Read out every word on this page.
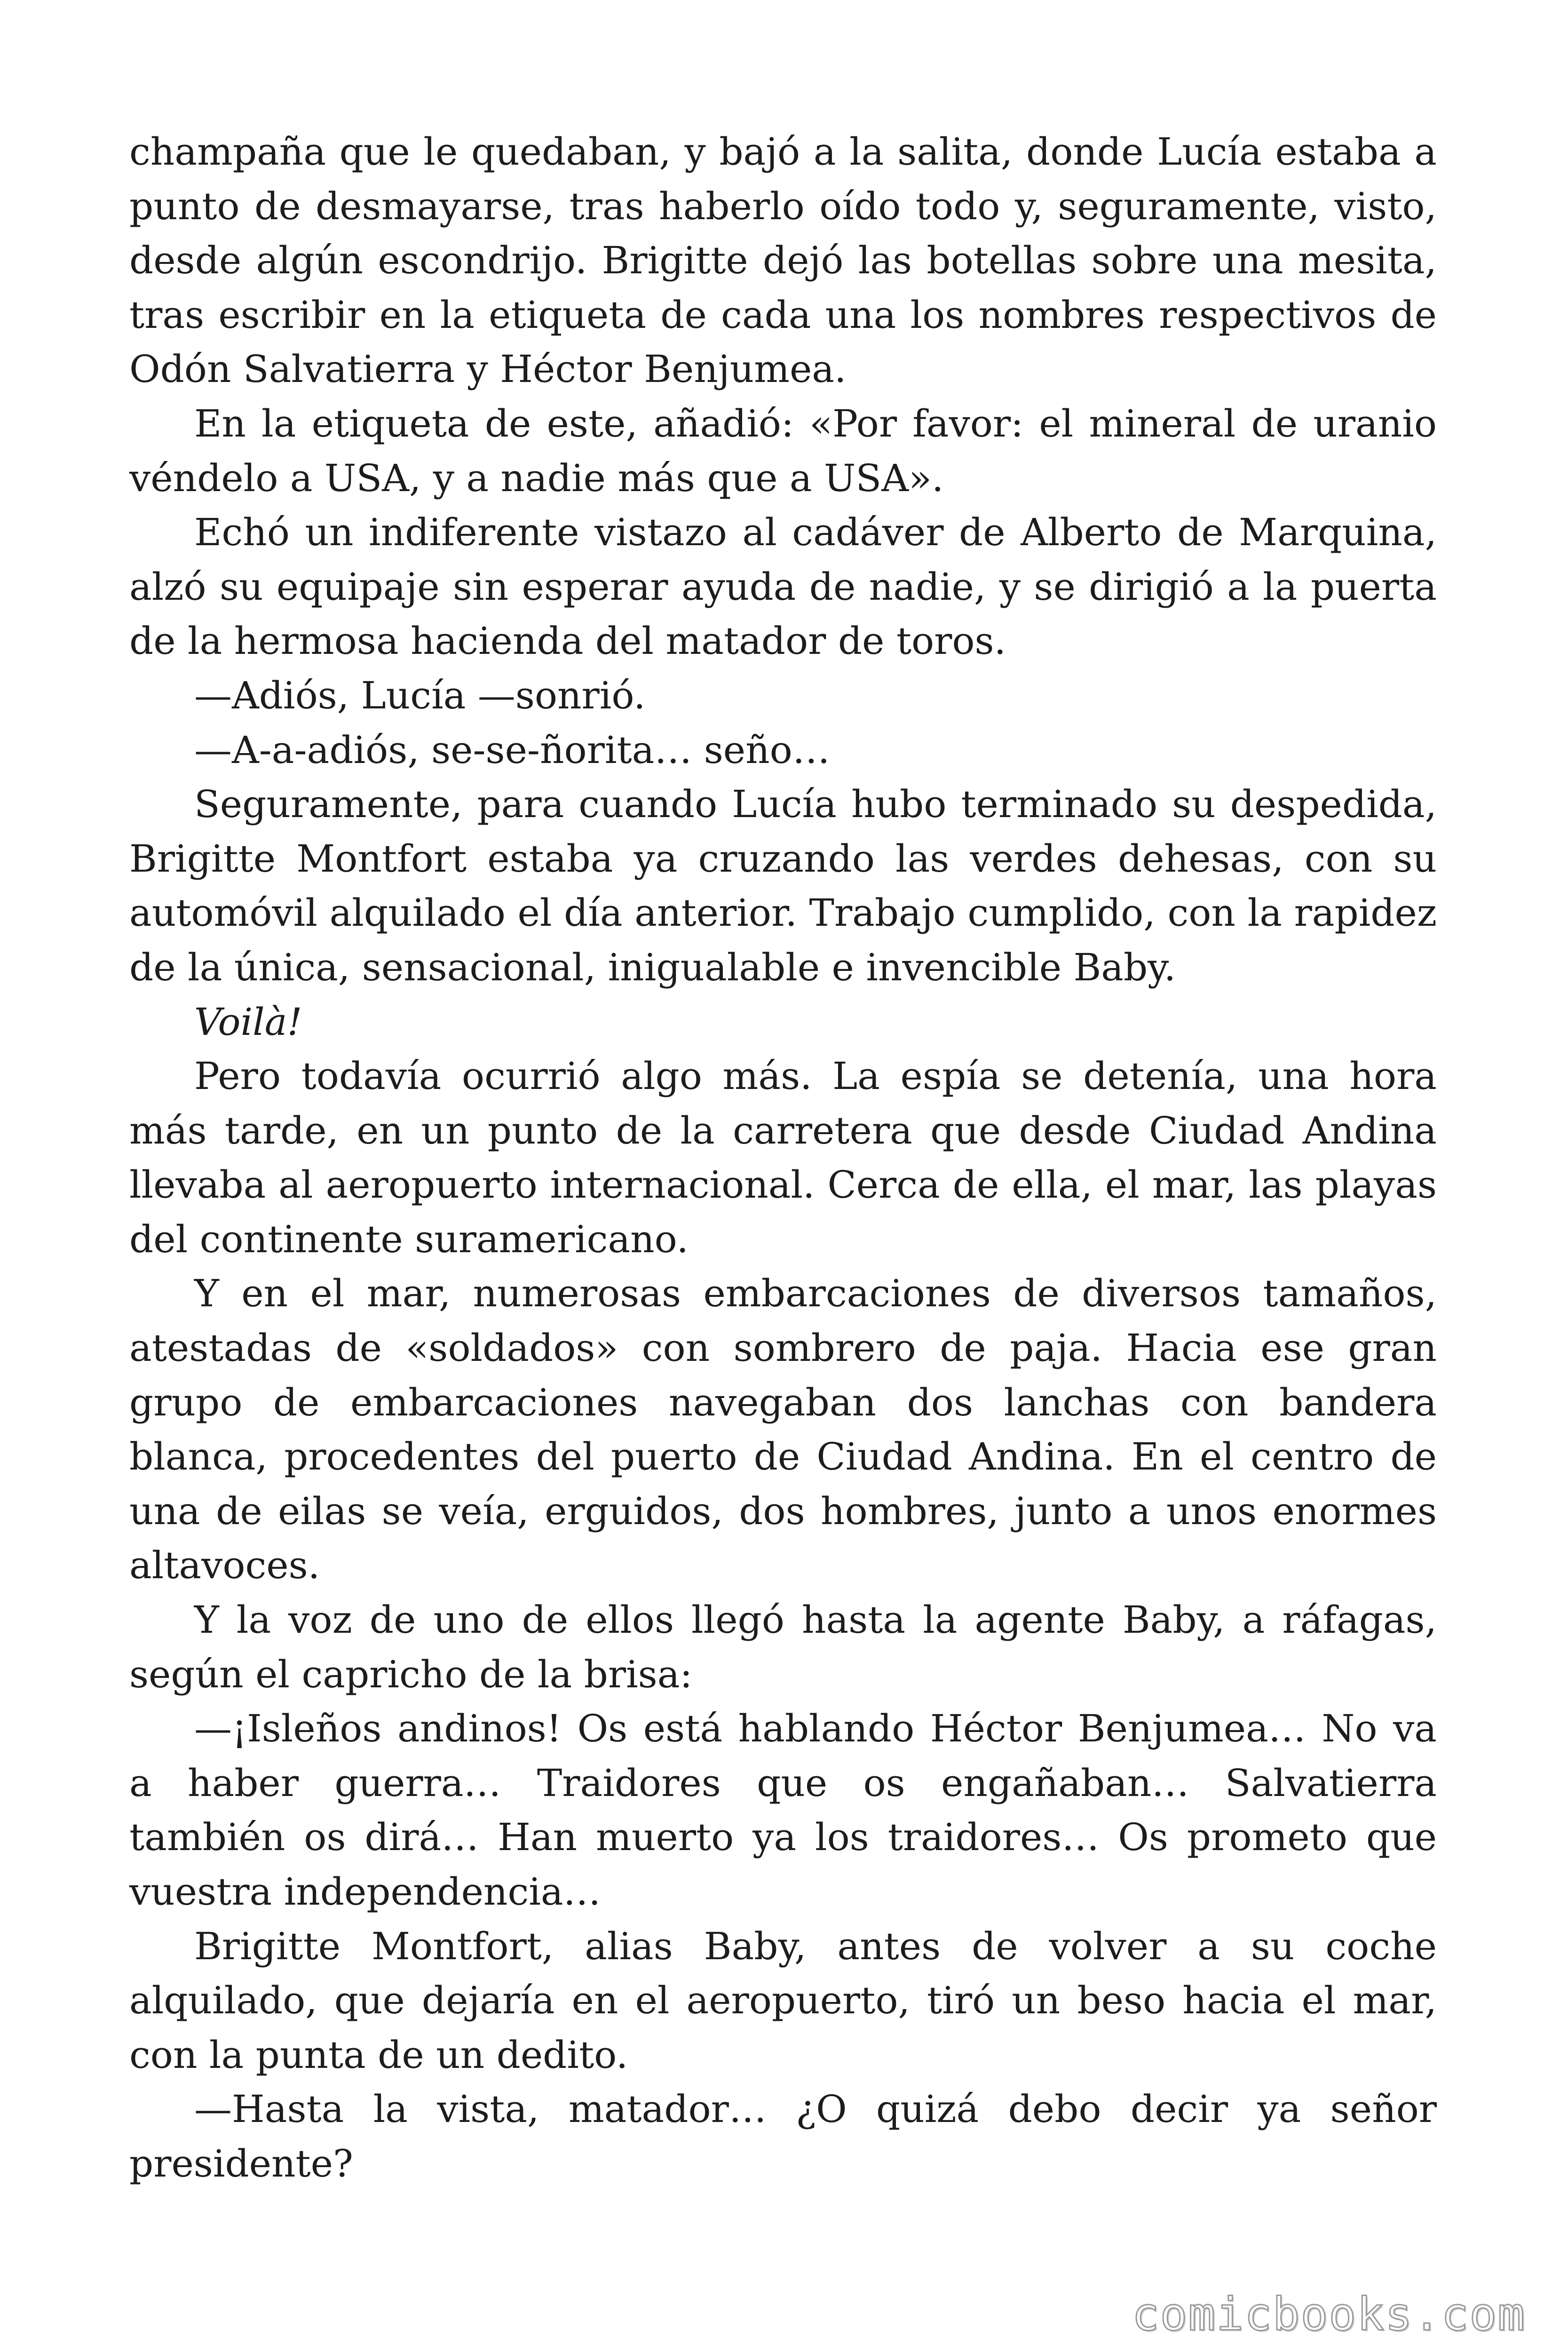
champaña que le quedaban, y bajó a la salita, donde Lucía estaba a punto de desmayarse, tras haberlo oído todo y, seguramente, visto, desde algún escondrijo. Brigitte dejó las botellas sobre una mesita, tras escribir en la etiqueta de cada una los nombres respectivos de Odón Salvatierra y Héctor Benjumea.

En la etiqueta de este, añadió: «Por favor: el mineral de uranio véndelo a USA, y a nadie más que a USA».

Echó un indiferente vistazo al cadáver de Alberto de Marquina, alzó su equipaje sin esperar ayuda de nadie, y se dirigió a la puerta de la hermosa hacienda del matador de toros.

—Adiós, Lucía —sonrió.

—A-a-adiós, se-se-ñorita… seño…

Seguramente, para cuando Lucía hubo terminado su despedida, Brigitte Montfort estaba ya cruzando las verdes dehesas, con su automóvil alquilado el día anterior. Trabajo cumplido, con la rapidez de la única, sensacional, inigualable e invencible Baby.

Voilà!

Pero todavía ocurrió algo más. La espía se detenía, una hora más tarde, en un punto de la carretera que desde Ciudad Andina llevaba al aeropuerto internacional. Cerca de ella, el mar, las playas del continente suramericano.

Y en el mar, numerosas embarcaciones de diversos tamaños, atestadas de «soldados» con sombrero de paja. Hacia ese gran grupo de embarcaciones navegaban dos lanchas con bandera blanca, procedentes del puerto de Ciudad Andina. En el centro de una de eilas se veía, erguidos, dos hombres, junto a unos enormes altavoces.

Y la voz de uno de ellos llegó hasta la agente Baby, a ráfagas, según el capricho de la brisa:

—¡Isleños andinos! Os está hablando Héctor Benjumea… No va a haber guerra… Traidores que os engañaban… Salvatierra también os dirá… Han muerto ya los traidores… Os prometo que vuestra independencia…

Brigitte Montfort, alias Baby, antes de volver a su coche alquilado, que dejaría en el aeropuerto, tiró un beso hacia el mar, con la punta de un dedito.

—Hasta la vista, matador… ¿O quizá debo decir ya señor presidente?

comicbooks.com
